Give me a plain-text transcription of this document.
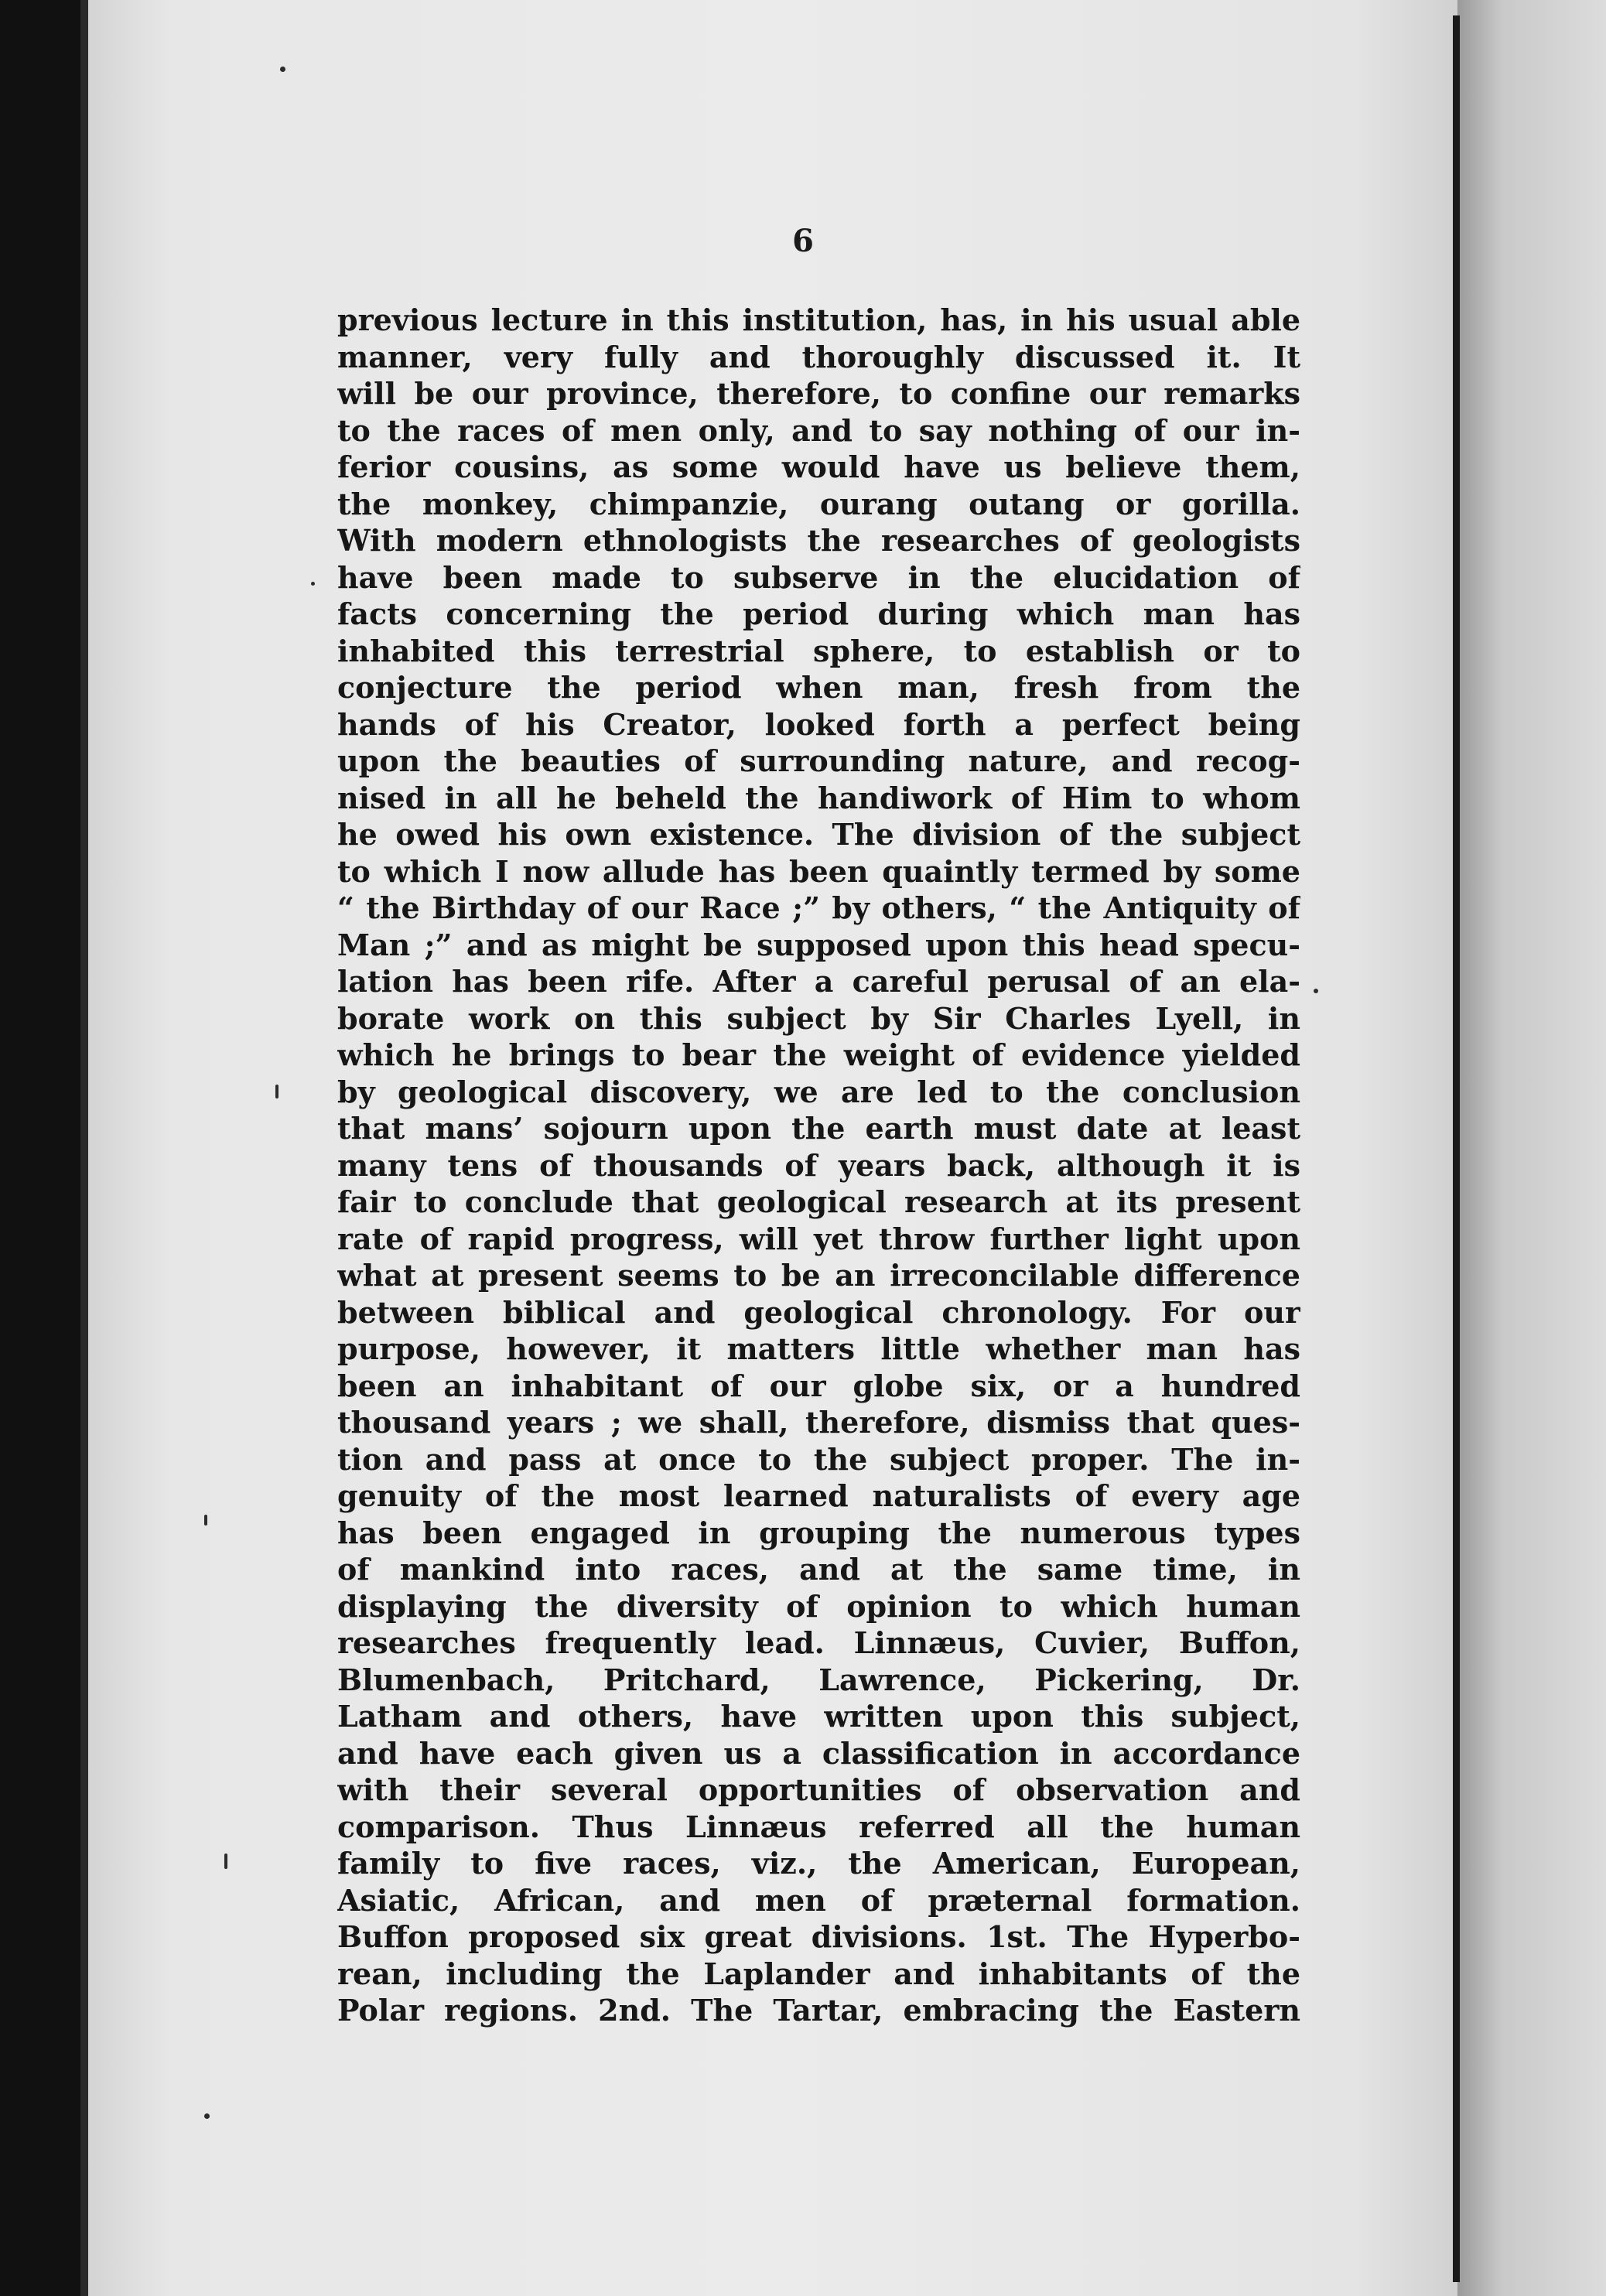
6
previous lecture in this institution, has, in his usual able
manner, very fully and thoroughly discussed it. It
will be our province, therefore, to confine our remarks
to the races of men only, and to say nothing of our in-
ferior cousins, as some would have us believe them,
the monkey, chimpanzie, ourang outang or gorilla.
With modern ethnologists the researches of geologists
have been made to subserve in the elucidation of
facts concerning the period during which man has
inhabited this terrestrial sphere, to establish or to
conjecture the period when man, fresh from the
hands of his Creator, looked forth a perfect being
upon the beauties of surrounding nature, and recog-
nised in all he beheld the handiwork of Him to whom
he owed his own existence. The division of the subject
to which I now allude has been quaintly termed by some
“ the Birthday of our Race ;” by others, “ the Antiquity of
Man ;” and as might be supposed upon this head specu-
lation has been rife. After a careful perusal of an ela-
borate work on this subject by Sir Charles Lyell, in
which he brings to bear the weight of evidence yielded
by geological discovery, we are led to the conclusion
that mans’ sojourn upon the earth must date at least
many tens of thousands of years back, although it is
fair to conclude that geological research at its present
rate of rapid progress, will yet throw further light upon
what at present seems to be an irreconcilable difference
between biblical and geological chronology. For our
purpose, however, it matters little whether man has
been an inhabitant of our globe six, or a hundred
thousand years ; we shall, therefore, dismiss that ques-
tion and pass at once to the subject proper. The in-
genuity of the most learned naturalists of every age
has been engaged in grouping the numerous types
of mankind into races, and at the same time, in
displaying the diversity of opinion to which human
researches frequently lead. Linnæus, Cuvier, Buffon,
Blumenbach, Pritchard, Lawrence, Pickering, Dr.
Latham and others, have written upon this subject,
and have each given us a classification in accordance
with their several opportunities of observation and
comparison. Thus Linnæus referred all the human
family to five races, viz., the American, European,
Asiatic, African, and men of præternal formation.
Buffon proposed six great divisions. 1st. The Hyperbo-
rean, including the Laplander and inhabitants of the
Polar regions. 2nd. The Tartar, embracing the Eastern
